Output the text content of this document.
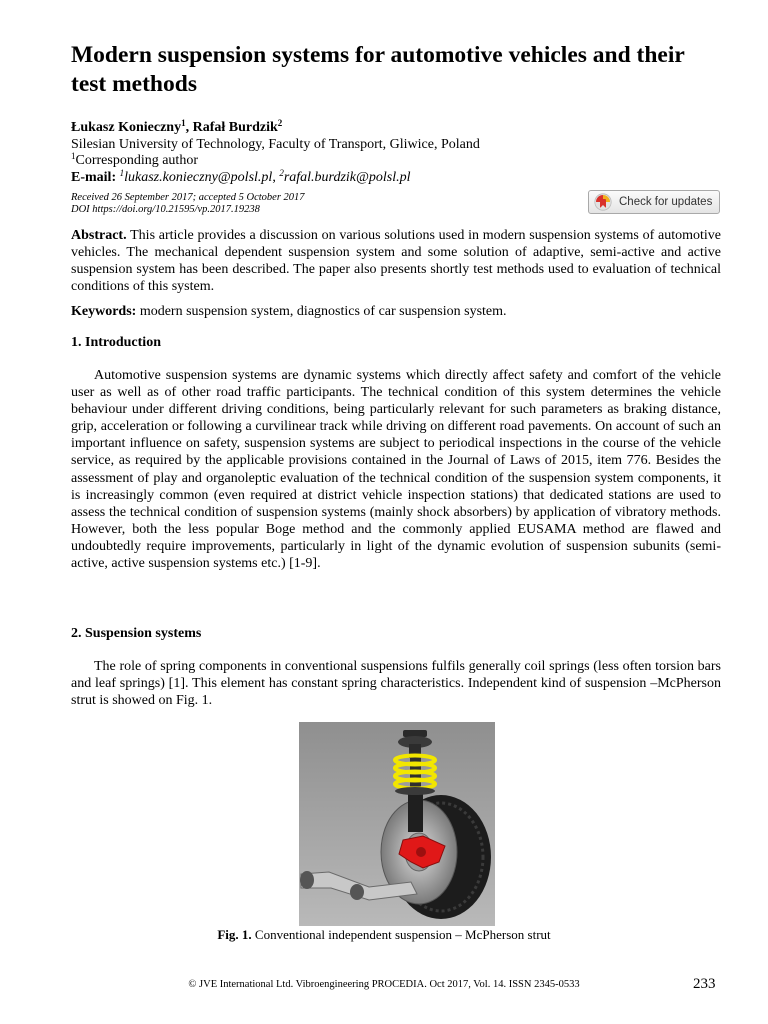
Modern suspension systems for automotive vehicles and their test methods
Łukasz Konieczny$^1$, Rafał Burdzik$^2$
Silesian University of Technology, Faculty of Transport, Gliwice, Poland
$^1$Corresponding author
E-mail: $^1$lukasz.konieczny@polsl.pl, $^2$rafal.burdzik@polsl.pl
Received 26 September 2017; accepted 5 October 2017
DOI https://doi.org/10.21595/vp.2017.19238
Check for updates

Abstract. This article provides a discussion on various solutions used in modern suspension systems of automotive vehicles. The mechanical dependent suspension system and some solution of adaptive, semi-active and active suspension system has been described. The paper also presents shortly test methods used to evaluation of technical conditions of this system.

Keywords: modern suspension system, diagnostics of car suspension system.

1. Introduction

Automotive suspension systems are dynamic systems which directly affect safety and comfort of the vehicle user as well as of other road traffic participants. The technical condition of this system determines the vehicle behaviour under different driving conditions, being particularly relevant for such parameters as braking distance, grip, acceleration or following a curvilinear track while driving on different road pavements. On account of such an important influence on safety, suspension systems are subject to periodical inspections in the course of the vehicle service, as required by the applicable provisions contained in the Journal of Laws of 2015, item 776. Besides the assessment of play and organoleptic evaluation of the technical condition of the suspension system components, it is increasingly common (even required at district vehicle inspection stations) that dedicated stations are used to assess the technical condition of suspension systems (mainly shock absorbers) by application of vibratory methods. However, both the less popular Boge method and the commonly applied EUSAMA method are flawed and undoubtedly require improvements, particularly in light of the dynamic evolution of suspension subunits (semi-active, active suspension systems etc.) [1-9].

2. Suspension systems

The role of spring components in conventional suspensions fulfils generally coil springs (less often torsion bars and leaf springs) [1]. This element has constant spring characteristics. Independent kind of suspension –McPherson strut is showed on Fig. 1.

Fig. 1. Conventional independent suspension – McPherson strut
© JVE International Ltd. Vibroengineering PROCEDIA. Oct 2017, Vol. 14. ISSN 2345-0533	233
